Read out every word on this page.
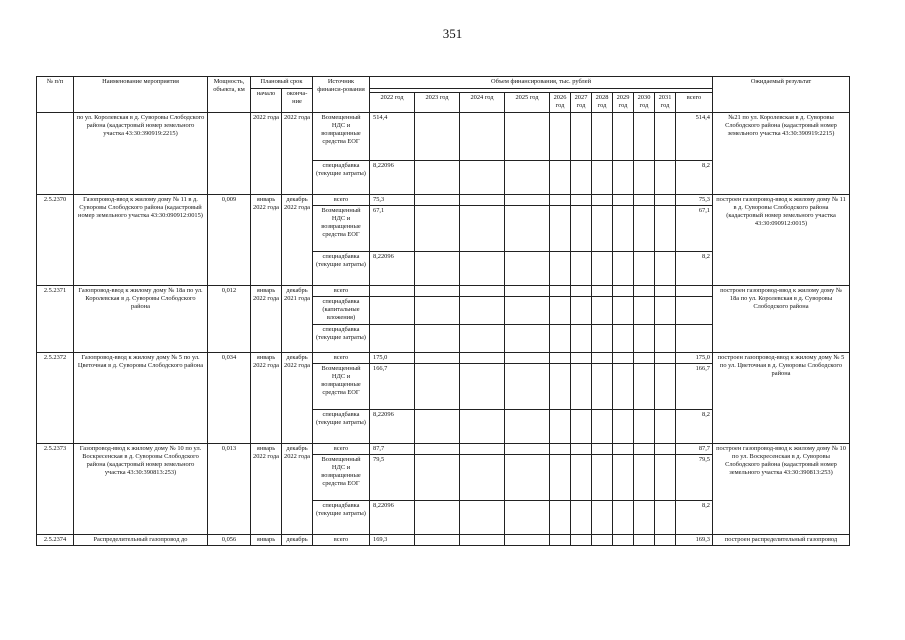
351
№ п/п	Наименование мероприятия	Мощность, объекта, км	Плановый срок		Источник финанси-рования	Объем финансирования, тыс. рублей											Ожидаемый результат
			начало	оконча-ние													
						2022 год	2023 год	2024 год	2025 год	2026 год	2027 год	2028 год	2029 год	2030 год	2031 год	всего	
	по ул. Королевская в д. Суворовы Слободского района (кадастровый номер земельного участка 43:30:390919:2215)		2022 года	2022 года	Возмещенный НДС и возвращенные средства ЕОГ	514,4										514,4	№21 по ул. Королевская в д. Суворовы Слободского района (кадастровый номер земельного участка 43:30:390919:2215)
					спецнадбавка (текущие затраты)	8,22096										8,2	
2.5.2370	Газопровод-ввод к жилому дому № 11 в д. Суворовы Слободского района (кадастровый номер земельного участка 43:30:090912:0015)	0,009	январь 2022 года	декабрь 2022 года	всего	75,3										75,3	построен газопровод-ввод к жилому дому № 11 в д. Суворовы Слободского района (кадастровый номер земельного участка 43:30:090912:0015)
					Возмещенный НДС и возвращенные средства ЕОГ	67,1										67,1	
					спецнадбавка (текущие затраты)	8,22096										8,2	
2.5.2371	Газопровод-ввод к жилому дому № 18а по ул. Королевская в д. Суворовы Слободского района	0,012	январь 2022 года	декабрь 2021 года	всего												построен газопровод-ввод к жилому дому № 18а по ул. Королевская в д. Суворовы Слободского района
					спецнадбавка (капитальные вложения)												
					спецнадбавка (текущие затраты)												
2.5.2372	Газопровод-ввод к жилому дому № 5 по ул. Цветочная в д. Суворовы Слободского района	0,034	январь 2022 года	декабрь 2022 года	всего	175,0										175,0	построен газопровод-ввод к жилому дому № 5 по ул. Цветочная в д. Суворовы Слободского района
					Возмещенный НДС и возвращенные средства ЕОГ	166,7										166,7	
					спецнадбавка (текущие затраты)	8,22096										8,2	
2.5.2373	Газопровод-ввод к жилому дому № 10 по ул. Воскресенская в д. Суворовы Слободского района (кадастровый номер земельного участка 43:30:390813:253)	0,013	январь 2022 года	декабрь 2022 года	всего	87,7										87,7	построен газопровод-ввод к жилому дому № 10 по ул. Воскресенская в д. Суворовы Слободского района (кадастровый номер земельного участка 43:30:390813:253)
					Возмещенный НДС и возвращенные средства ЕОГ	79,5										79,5	
					спецнадбавка (текущие затраты)	8,22096										8,2	
2.5.2374	Распределительный газопровод до	0,056	январь	декабрь	всего	169,3										169,3	построен распределительный газопровод
